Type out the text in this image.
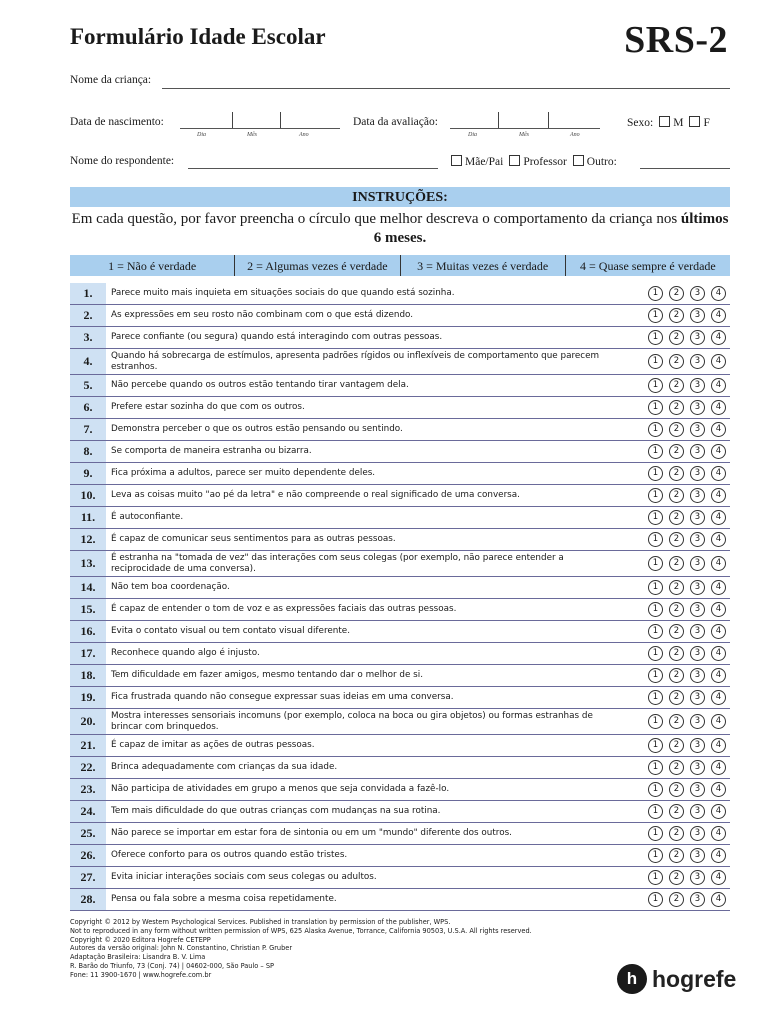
Formulário Idade Escolar	SRS-2
Nome da criança:
Data de nascimento:
Dia	Mês	Ano
Data da avaliação:
Dia	Mês	Ano
Sexo: M F
Nome do respondente:	Mãe/Pai Professor Outro:
INSTRUÇÕES:
Em cada questão, por favor preencha o círculo que melhor descreva o comportamento da criança nos últimos 6 meses.
1 = Não é verdade	2 = Algumas vezes é verdade	3 = Muitas vezes é verdade	4 = Quase sempre é verdade
1.	Parece muito mais inquieta em situações sociais do que quando está sozinha.	1	2	3	4
2.	As expressões em seu rosto não combinam com o que está dizendo.	1	2	3	4
3.	Parece confiante (ou segura) quando está interagindo com outras pessoas.	1	2	3	4
4.	Quando há sobrecarga de estímulos, apresenta padrões rígidos ou inflexíveis de comportamento que parecem estranhos.
1	2	3	4
5.	Não percebe quando os outros estão tentando tirar vantagem dela.	1	2	3	4
6.	Prefere estar sozinha do que com os outros.	1	2	3	4
7.	Demonstra perceber o que os outros estão pensando ou sentindo.	1	2	3	4
8.	Se comporta de maneira estranha ou bizarra.	1	2	3	4
9.	Fica próxima a adultos, parece ser muito dependente deles.	1	2	3	4
10.	Leva as coisas muito "ao pé da letra" e não compreende o real significado de uma conversa.	1	2	3	4
11.	É autoconfiante.	1	2	3	4
12.	É capaz de comunicar seus sentimentos para as outras pessoas.	1	2	3	4
13.	É estranha na "tomada de vez" das interações com seus colegas (por exemplo, não parece entender a reciprocidade de uma conversa).
1	2	3	4
14.	Não tem boa coordenação.	1	2	3	4
15.	É capaz de entender o tom de voz e as expressões faciais das outras pessoas.	1	2	3	4
16.	Evita o contato visual ou tem contato visual diferente.	1	2	3	4
17.	Reconhece quando algo é injusto.	1	2	3	4
18.	Tem dificuldade em fazer amigos, mesmo tentando dar o melhor de si.	1	2	3	4
19.	Fica frustrada quando não consegue expressar suas ideias em uma conversa.	1	2	3	4
20.	Mostra interesses sensoriais incomuns (por exemplo, coloca na boca ou gira objetos) ou formas estranhas de brincar com brinquedos.
1	2	3	4
21.	É capaz de imitar as ações de outras pessoas.	1	2	3	4
22.	Brinca adequadamente com crianças da sua idade.	1	2	3	4
23.	Não participa de atividades em grupo a menos que seja convidada a fazê-lo.	1	2	3	4
24.	Tem mais dificuldade do que outras crianças com mudanças na sua rotina.	1	2	3	4
25.	Não parece se importar em estar fora de sintonia ou em um "mundo" diferente dos outros.	1	2	3	4
26.	Oferece conforto para os outros quando estão tristes.	1	2	3	4
27.	Evita iniciar interações sociais com seus colegas ou adultos.	1	2	3	4
28.	Pensa ou fala sobre a mesma coisa repetidamente.	1	2	3	4
Copyright © 2012 by Western Psychological Services. Published in translation by permission of the publisher, WPS.
Not to reproduced in any form without written permission of WPS, 625 Alaska Avenue, Torrance, California 90503, U.S.A. All rights reserved.
Copyright © 2020 Editora Hogrefe CETEPP
Autores da versão original: John N. Constantino, Christian P. Gruber
Adaptação Brasileira: Lisandra B. V. Lima
R. Barão do Triunfo, 73 (Conj. 74) | 04602-000, São Paulo – SP
Fone: 11 3900-1670 | www.hogrefe.com.br	h hogrefe
